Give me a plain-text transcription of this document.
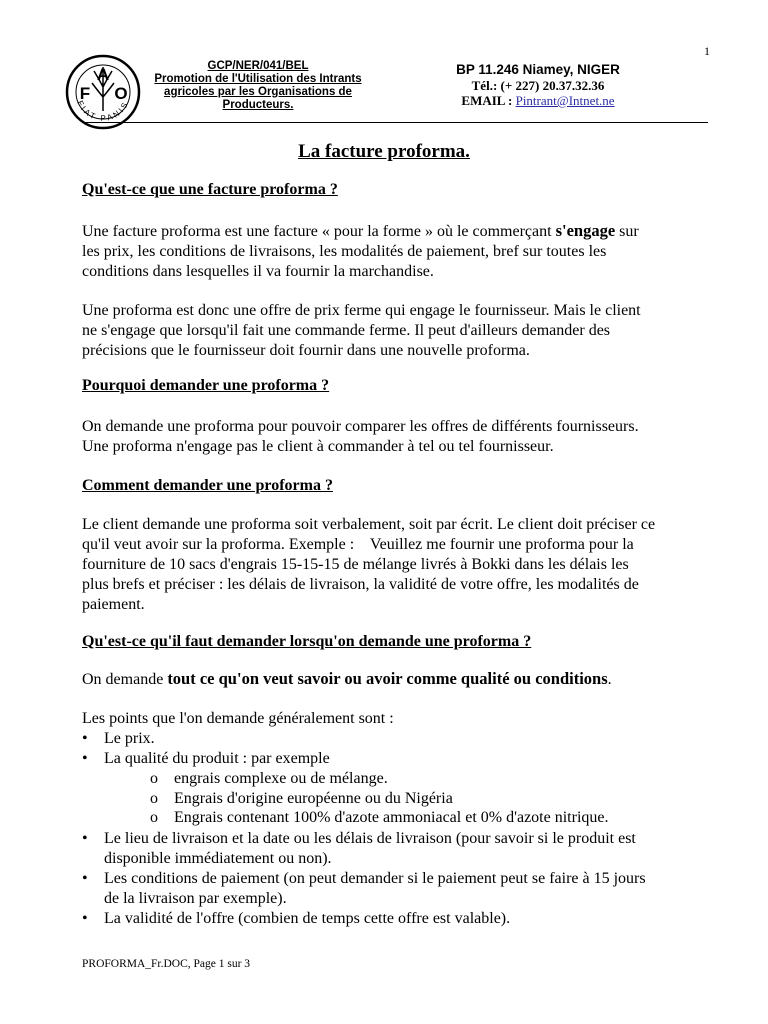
1
F
A
O
FIAT PANIS
GCP/NER/041/BEL
Promotion de l'Utilisation des Intrants
agricoles par les Organisations de
Producteurs.
BP 11.246 Niamey, NIGER
Tél.: (+ 227) 20.37.32.36
EMAIL : Pintrant@Intnet.ne
La facture proforma.
Qu'est-ce que une facture proforma ?
Une facture proforma est une facture « pour la forme » où le commerçant s'engage sur
les prix, les conditions de livraisons, les modalités de paiement, bref sur toutes les
conditions dans lesquelles il va fournir la marchandise.
Une proforma est donc une offre de prix ferme qui engage le fournisseur. Mais le client
ne s'engage que lorsqu'il fait une commande ferme. Il peut d'ailleurs demander des
précisions que le fournisseur doit fournir dans une nouvelle proforma.
Pourquoi demander une proforma ?
On demande une proforma pour pouvoir comparer les offres de différents fournisseurs.
Une proforma n'engage pas le client à commander à tel ou tel fournisseur.
Comment demander une proforma ?
Le client demande une proforma soit verbalement, soit par écrit. Le client doit préciser ce
qu'il veut avoir sur la proforma. Exemple :    Veuillez me fournir une proforma pour la
fourniture de 10 sacs d'engrais 15-15-15 de mélange livrés à Bokki dans les délais les
plus brefs et préciser : les délais de livraison, la validité de votre offre, les modalités de
paiement.
Qu'est-ce qu'il faut demander lorsqu'on demande une proforma ?
On demande tout ce qu'on veut savoir ou avoir comme qualité ou conditions.
Les points que l'on demande généralement sont :
• Le prix.
• La qualité du produit : par exemple
o engrais complexe ou de mélange.
o Engrais d'origine européenne ou du Nigéria
o Engrais contenant 100% d'azote ammoniacal et 0% d'azote nitrique.
• Le lieu de livraison et la date ou les délais de livraison (pour savoir si le produit est
disponible immédiatement ou non).
• Les conditions de paiement (on peut demander si le paiement peut se faire à 15 jours
de la livraison par exemple).
• La validité de l'offre (combien de temps cette offre est valable).
PROFORMA_Fr.DOC, Page 1 sur 3
